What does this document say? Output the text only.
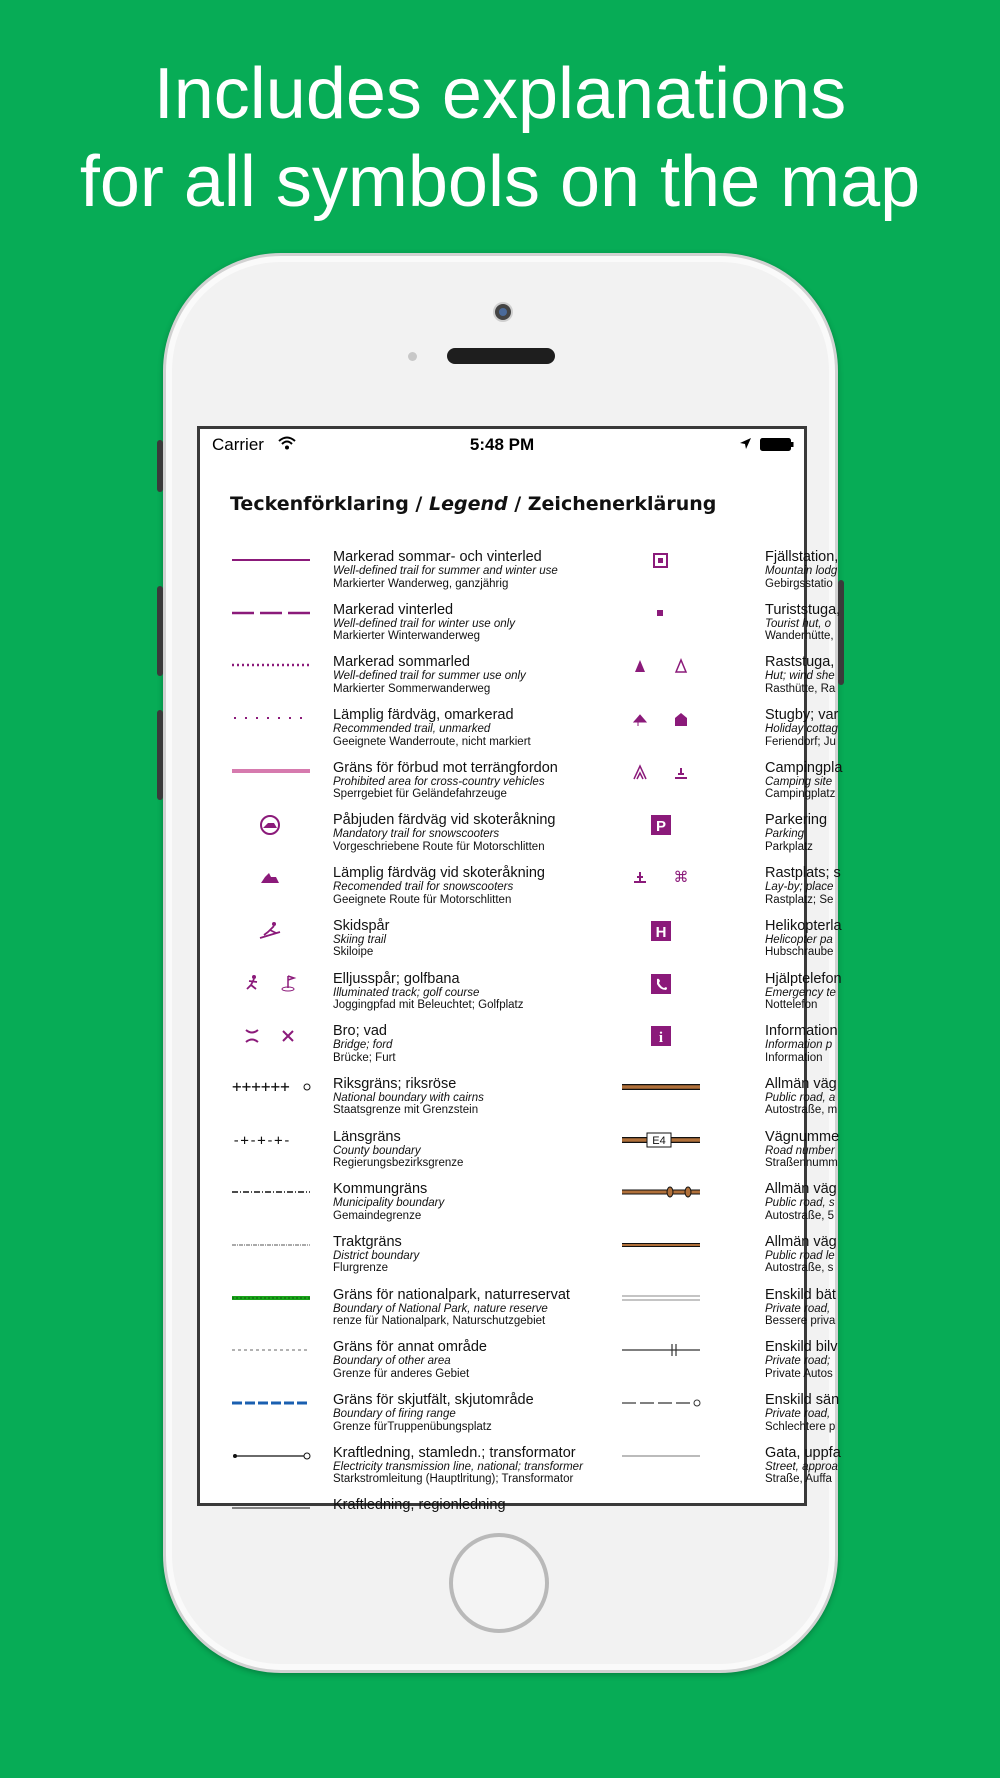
Includes explanations
for all symbols on the map
Carrier	5:48 PM
Teckenförklaring / Legend / Zeichenerklärung
Markerad sommar- och vinterled
Well-defined trail for summer and winter use
Markierter Wanderweg, ganzjährig
Markerad vinterled
Well-defined trail for winter use only
Markierter Winterwanderweg
Markerad sommarled
Well-defined trail for summer use only
Markierter Sommerwanderweg
Lämplig färdväg, omarkerad
Recommended trail, unmarked
Geeignete Wanderroute, nicht markiert
Gräns för förbud mot terrängfordon
Prohibited area for cross-country vehicles
Sperrgebiet für Geländefahrzeuge
Påbjuden färdväg vid skoteråkning
Mandatory trail for snowscooters
Vorgeschriebene Route für Motorschlitten
Lämplig färdväg vid skoteråkning
Recomended trail for snowscooters
Geeignete Route für Motorschlitten
Skidspår
Skiing trail
Skiloipe
Elljusspår; golfbana
Illuminated track; golf course
Joggingpfad mit Beleuchtet; Golfplatz
Bro; vad
Bridge; ford
Brücke; Furt
++++++	Riksgräns; riksröse
National boundary with cairns
Staatsgrenze mit Grenzstein
-+-+-+-	Länsgräns
County boundary
Regierungsbezirksgrenze
Kommungräns
Municipality boundary
Gemaindegrenze
Traktgräns
District boundary
Flurgrenze
Gräns för nationalpark, naturreservat
Boundary of National Park, nature reserve
renze für Nationalpark, Naturschutzgebiet
Gräns för annat område
Boundary of other area
Grenze für anderes Gebiet
Gräns för skjutfält, skjutområde
Boundary of firing range
Grenze fürTruppenübungsplatz
Kraftledning, stamledn.; transformator
Electricity transmission line, national; transformer
Starkstromleitung (Hauptlritung); Transformator
Kraftledning, regionledning
Fjällstation,
Mountain lodg
Gebirgsstatio
Turiststuga,
Tourist hut, o
Wanderhütte,
Raststuga,
Hut; wind she
Rasthütte, Ra
Stugby; var
Holiday cottag
Feriendorf; Ju
Campingpla
Camping site
Campingplatz
P	Parkering
Parking
Parkplatz
⌘	Rastplats; s
Lay-by; place
Rastplatz; Se
H	Helikopterla
Helicopter pa
Hubschraube
Hjälptelefon
Emergency te
Nottelefon
i	Information
Information p
Information
Allmän väg
Public road, a
Autostraße, m
E4	Vägnumme
Road number
Straßennumm
Allmän väg
Public road, s
Autostraße, 5
Allmän väg
Public road le
Autostraße, s
Enskild bät
Private road,
Bessere priva
Enskild bilv
Private road;
Private Autos
Enskild sän
Private road,
Schlechtere p
Gata, uppfa
Street, approa
Straße, Auffa
